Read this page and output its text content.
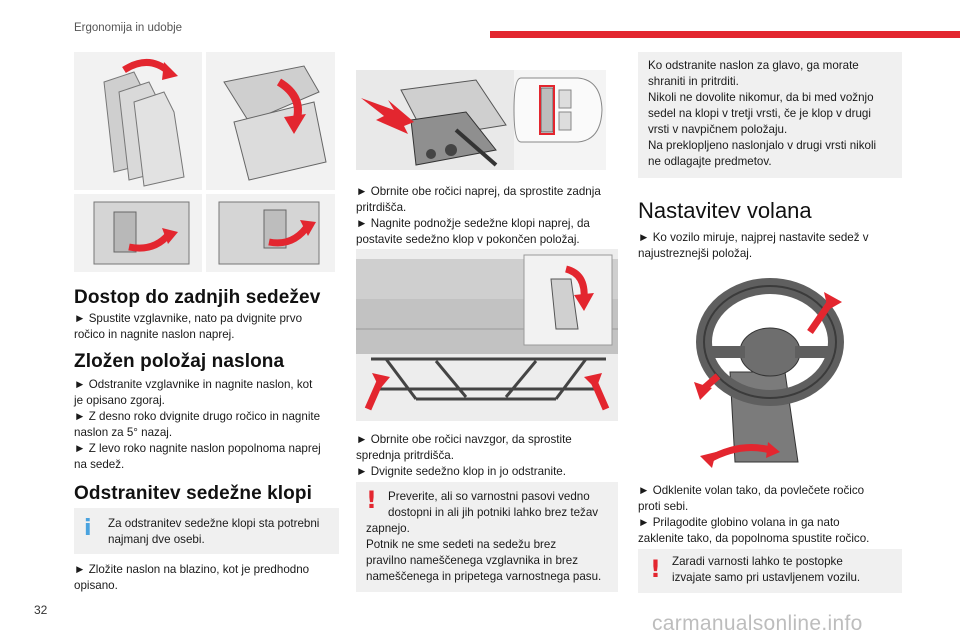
Ergonomija in udobje
Dostop do zadnjih sedežev
► Spustite vzglavnike, nato pa dvignite prvo
ročico in nagnite naslon naprej.
Zložen položaj naslona
► Odstranite vzglavnike in nagnite naslon, kot
je opisano zgoraj.
► Z desno roko dvignite drugo ročico in nagnite
naslon za 5° nazaj.
► Z levo roko nagnite naslon popolnoma naprej
na sedež.
Odstranitev sedežne klopi
i Za odstranitev sedežne klopi sta potrebni
najmanj dve osebi.
► Zložite naslon na blazino, kot je predhodno
opisano.
► Obrnite obe ročici naprej, da sprostite zadnja
pritrdišča.
► Nagnite podnožje sedežne klopi naprej, da
postavite sedežno klop v pokončen položaj.
► Obrnite obe ročici navzgor, da sprostite
sprednja pritrdišča.
► Dvignite sedežno klop in jo odstranite.
! Preverite, ali so varnostni pasovi vedno
dostopni in ali jih potniki lahko brez težav
zapnejo.
Potnik ne sme sedeti na sedežu brez
pravilno nameščenega vzglavnika in brez
nameščenega in pripetega varnostnega pasu.
Ko odstranite naslon za glavo, ga morate
shraniti in pritrditi.
Nikoli ne dovolite nikomur, da bi med vožnjo
sedel na klopi v tretji vrsti, če je klop v drugi
vrsti v navpičnem položaju.
Na preklopljeno naslonjalo v drugi vrsti nikoli
ne odlagajte predmetov.
Nastavitev volana
► Ko vozilo miruje, najprej nastavite sedež v
najustreznejši položaj.
► Odklenite volan tako, da povlečete ročico
proti sebi.
► Prilagodite globino volana in ga nato
zaklenite tako, da popolnoma spustite ročico.
! Zaradi varnosti lahko te postopke
izvajate samo pri ustavljenem vozilu.
32
carmanualsonline.info
